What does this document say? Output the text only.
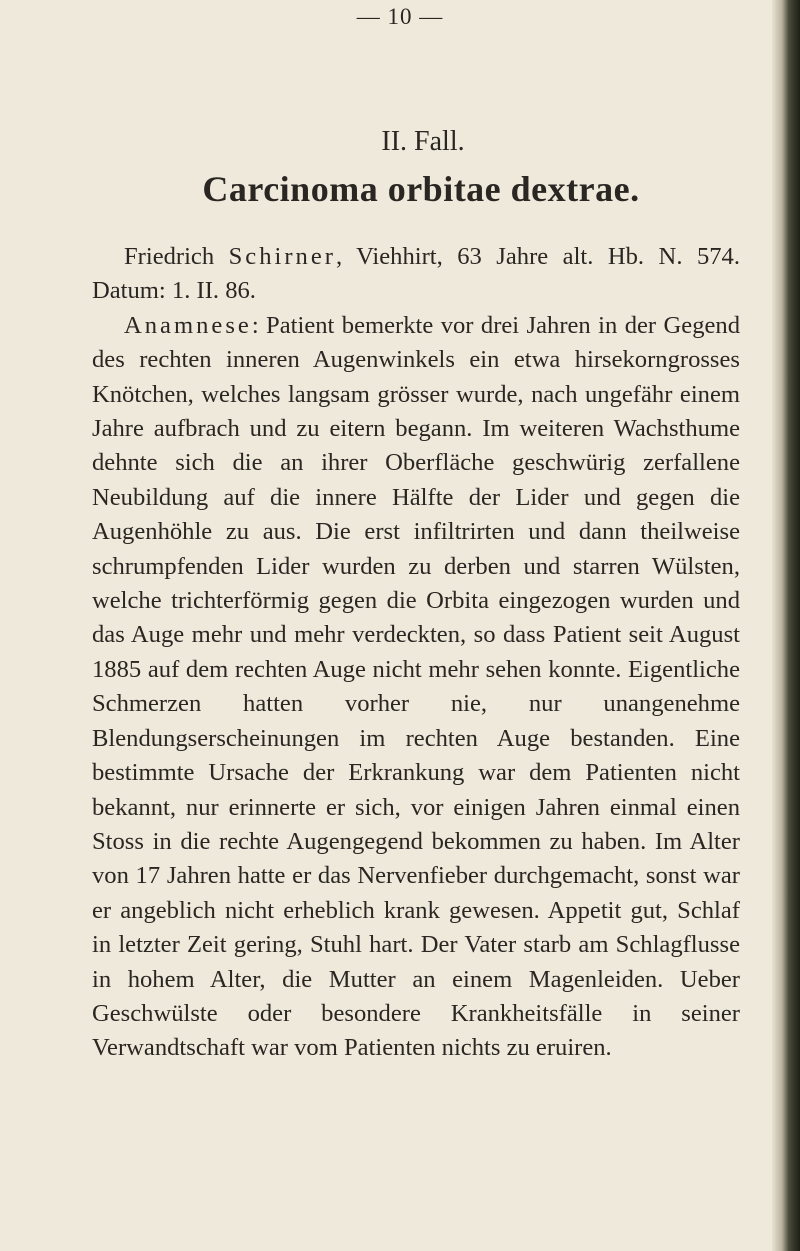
— 10 —
II. Fall.
Carcinoma orbitae dextrae.

Friedrich Schirner, Viehhirt, 63 Jahre alt. Hb. N. 574. Datum: 1. II. 86.

Anamnese: Patient bemerkte vor drei Jahren in der Gegend des rechten inneren Augenwinkels ein etwa hirsekorngrosses Knötchen, welches langsam grösser wurde, nach ungefähr einem Jahre aufbrach und zu eitern begann. Im weiteren Wachsthume dehnte sich die an ihrer Oberfläche geschwürig zerfallene Neubildung auf die innere Hälfte der Lider und gegen die Augenhöhle zu aus. Die erst infiltrirten und dann theilweise schrumpfenden Lider wurden zu derben und starren Wülsten, welche trichterförmig gegen die Orbita eingezogen wurden und das Auge mehr und mehr verdeckten, so dass Patient seit August 1885 auf dem rechten Auge nicht mehr sehen konnte. Eigentliche Schmerzen hatten vorher nie, nur unangenehme Blendungserscheinungen im rechten Auge bestanden. Eine bestimmte Ursache der Erkrankung war dem Patienten nicht bekannt, nur erinnerte er sich, vor einigen Jahren einmal einen Stoss in die rechte Augengegend bekommen zu haben. Im Alter von 17 Jahren hatte er das Nervenfieber durchgemacht, sonst war er angeblich nicht erheblich krank gewesen. Appetit gut, Schlaf in letzter Zeit gering, Stuhl hart. Der Vater starb am Schlagflusse in hohem Alter, die Mutter an einem Magenleiden. Ueber Geschwülste oder besondere Krankheitsfälle in seiner Verwandtschaft war vom Patienten nichts zu eruiren.
